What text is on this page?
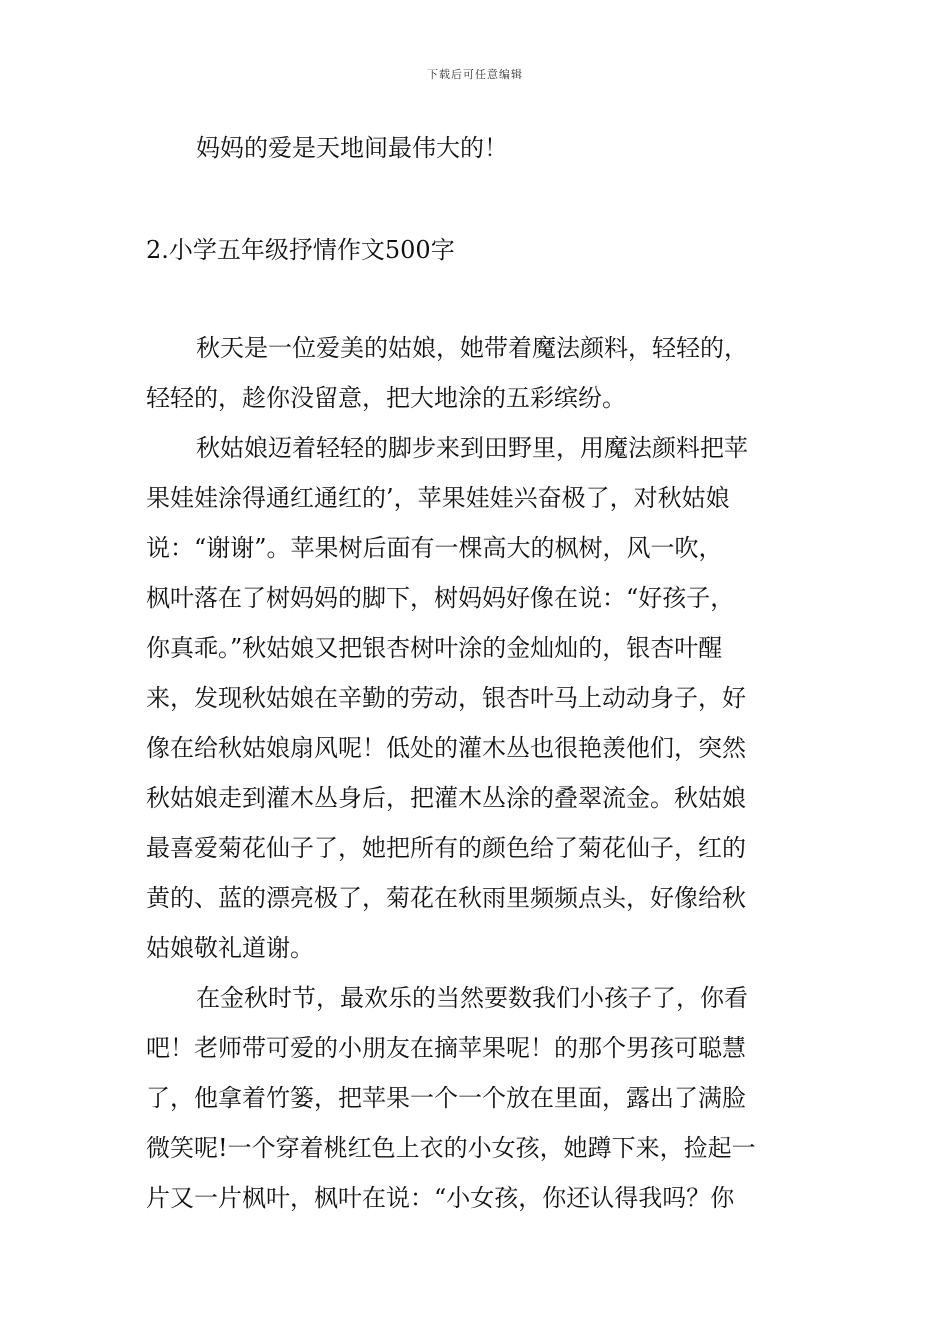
下载后可任意编辑
妈妈的爱是天地间最伟大的！
2.小学五年级抒情作文500字
秋天是一位爱美的姑娘，她带着魔法颜料，轻轻的，
轻轻的，趁你没留意，把大地涂的五彩缤纷。
秋姑娘迈着轻轻的脚步来到田野里，用魔法颜料把苹
果娃娃涂得通红通红的’，苹果娃娃兴奋极了，对秋姑娘
说：“谢谢”。苹果树后面有一棵高大的枫树，风一吹，
枫叶落在了树妈妈的脚下，树妈妈好像在说：“好孩子，
你真乖。”秋姑娘又把银杏树叶涂的金灿灿的，银杏叶醒
来，发现秋姑娘在辛勤的劳动，银杏叶马上动动身子，好
像在给秋姑娘扇风呢！低处的灌木丛也很艳羡他们，突然
秋姑娘走到灌木丛身后，把灌木丛涂的叠翠流金。秋姑娘
最喜爱菊花仙子了，她把所有的颜色给了菊花仙子，红的
黄的、蓝的漂亮极了，菊花在秋雨里频频点头，好像给秋
姑娘敬礼道谢。
在金秋时节，最欢乐的当然要数我们小孩子了，你看
吧！老师带可爱的小朋友在摘苹果呢！的那个男孩可聪慧
了，他拿着竹篓，把苹果一个一个放在里面，露出了满脸
微笑呢!一个穿着桃红色上衣的小女孩，她蹲下来，捡起一
片又一片枫叶，枫叶在说：“小女孩，你还认得我吗？你
